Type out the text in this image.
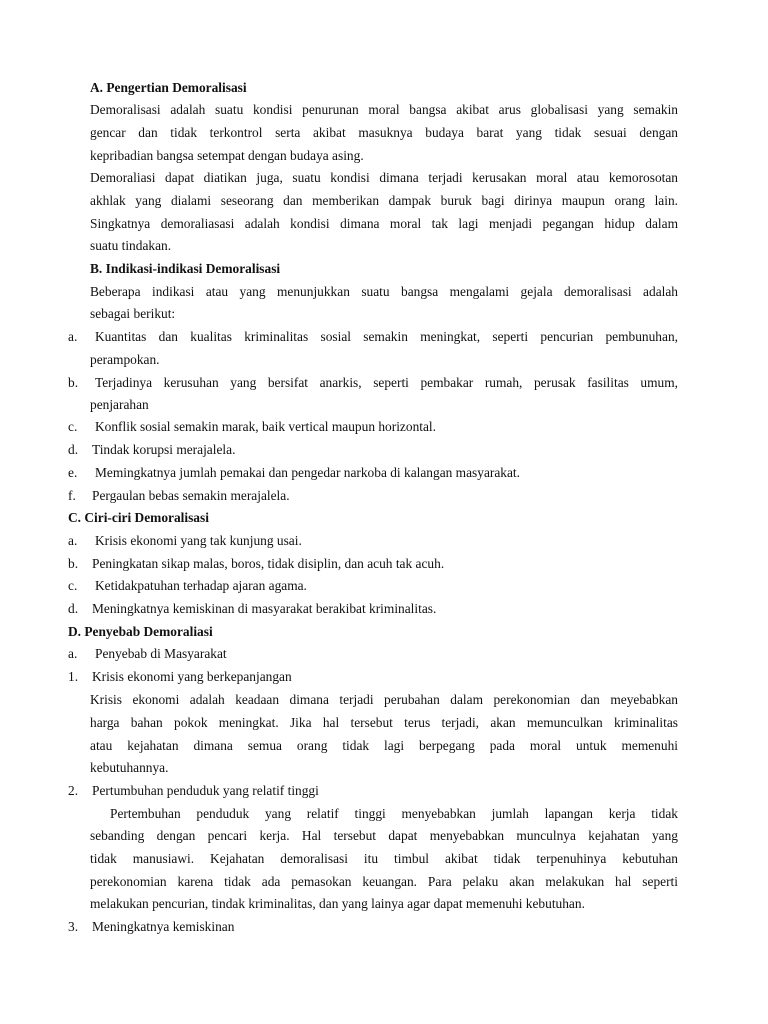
A. Pengertian Demoralisasi
Demoralisasi adalah suatu kondisi penurunan moral bangsa akibat arus globalisasi yang semakin
gencar dan tidak terkontrol serta akibat masuknya budaya barat yang tidak sesuai dengan
kepribadian bangsa setempat dengan budaya asing.
Demoraliasi dapat diatikan juga, suatu kondisi dimana terjadi kerusakan moral atau kemorosotan
akhlak yang dialami seseorang dan memberikan dampak buruk bagi dirinya maupun orang lain.
Singkatnya demoraliasasi adalah kondisi dimana moral tak lagi menjadi pegangan hidup dalam
suatu tindakan.
B. Indikasi-indikasi Demoralisasi
Beberapa indikasi atau yang menunjukkan suatu bangsa mengalami gejala demoralisasi adalah
sebagai berikut:
a. Kuantitas dan kualitas kriminalitas sosial semakin meningkat, seperti pencurian pembunuhan,
perampokan.
b. Terjadinya kerusuhan yang bersifat anarkis, seperti pembakar rumah, perusak fasilitas umum,
penjarahan
c. Konflik sosial semakin marak, baik vertical maupun horizontal.
d. Tindak korupsi merajalela.
e. Memingkatnya jumlah pemakai dan pengedar narkoba di kalangan masyarakat.
f. Pergaulan bebas semakin merajalela.
C. Ciri-ciri Demoralisasi
a. Krisis ekonomi yang tak kunjung usai.
b. Peningkatan sikap malas, boros, tidak disiplin, dan acuh tak acuh.
c. Ketidakpatuhan terhadap ajaran agama.
d. Meningkatnya kemiskinan di masyarakat berakibat kriminalitas.
D. Penyebab Demoraliasi
a. Penyebab di Masyarakat
1. Krisis ekonomi yang berkepanjangan
Krisis ekonomi adalah keadaan dimana terjadi perubahan dalam perekonomian dan meyebabkan
harga bahan pokok meningkat. Jika hal tersebut terus terjadi, akan memunculkan kriminalitas
atau kejahatan dimana semua orang tidak lagi berpegang pada moral untuk memenuhi
kebutuhannya.
2. Pertumbuhan penduduk yang relatif tinggi
Pertembuhan penduduk yang relatif tinggi menyebabkan jumlah lapangan kerja tidak
sebanding dengan pencari kerja. Hal tersebut dapat menyebabkan munculnya kejahatan yang
tidak manusiawi. Kejahatan demoralisasi itu timbul akibat tidak terpenuhinya kebutuhan
perekonomian karena tidak ada pemasokan keuangan. Para pelaku akan melakukan hal seperti
melakukan pencurian, tindak kriminalitas, dan yang lainya agar dapat memenuhi kebutuhan.
3. Meningkatnya kemiskinan
